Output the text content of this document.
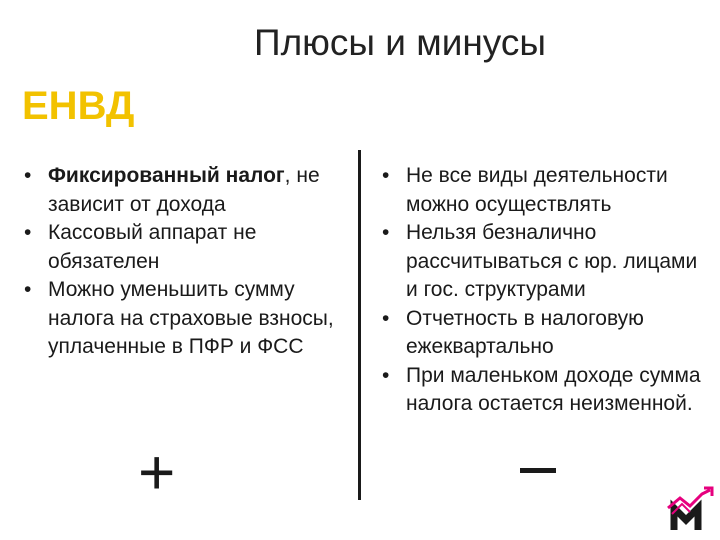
Плюсы и минусы
ЕНВД
• Фиксированный налог, не зависит от дохода
• Кассовый аппарат не обязателен
• Можно уменьшить сумму налога на страховые взносы, уплаченные в ПФР и ФСС
• Не все виды деятельности можно осуществлять
• Нельзя безналично рассчитываться с юр. лицами и гос. структурами
• Отчетность в налоговую ежеквартально
• При маленьком доходе сумма налога остается неизменной.
+
